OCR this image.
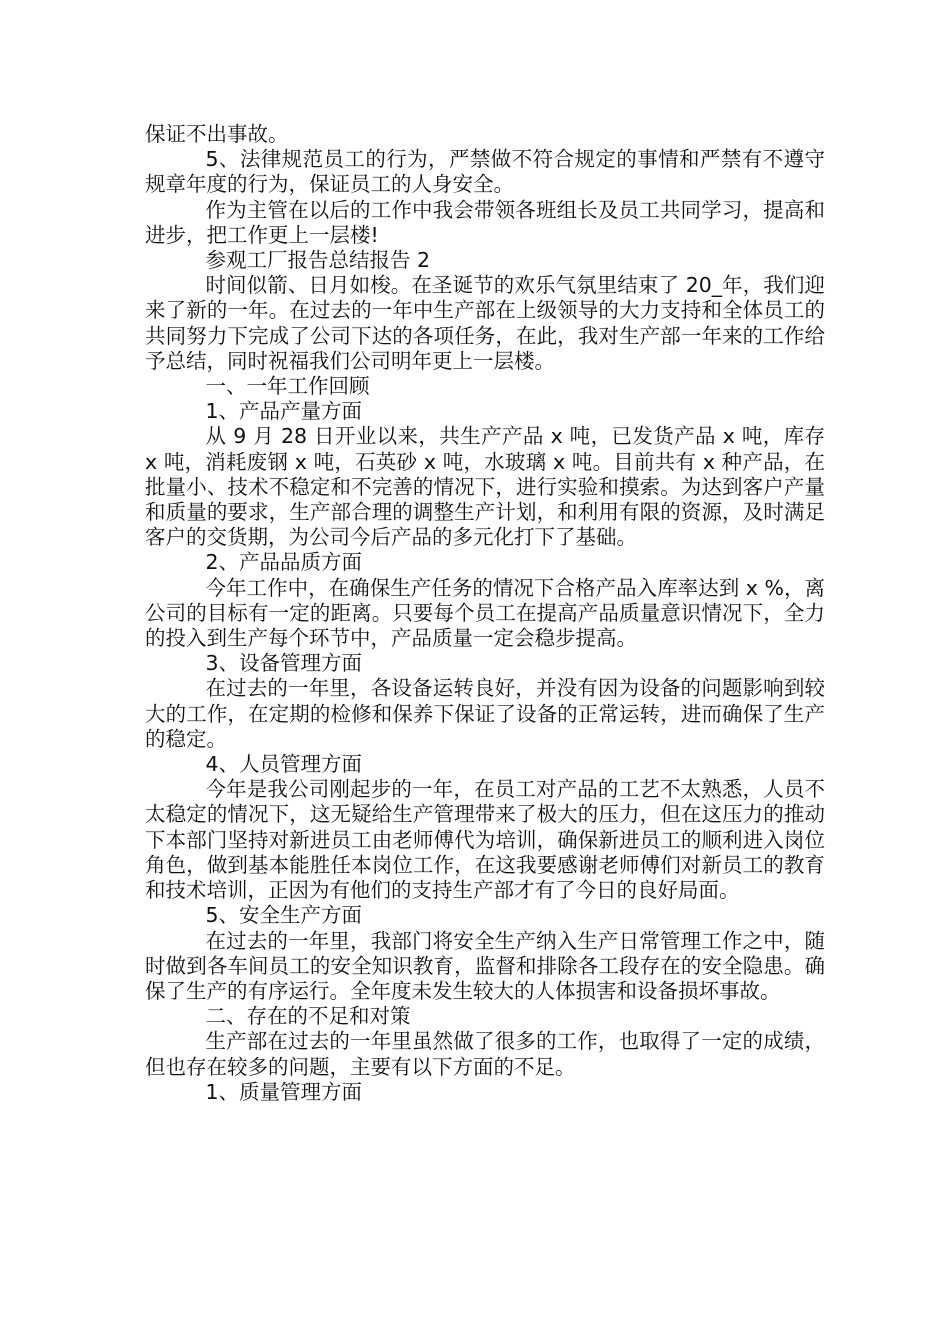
保证不出事故。

5、法律规范员工的行为，严禁做不符合规定的事情和严禁有不遵守规章年度的行为，保证员工的人身安全。

作为主管在以后的工作中我会带领各班组长及员工共同学习，提高和进步，把工作更上一层楼!

参观工厂报告总结报告 2

时间似箭、日月如梭。在圣诞节的欢乐气氛里结束了 20_年，我们迎来了新的一年。在过去的一年中生产部在上级领导的大力支持和全体员工的共同努力下完成了公司下达的各项任务，在此，我对生产部一年来的工作给予总结，同时祝福我们公司明年更上一层楼。

一、一年工作回顾

1、产品产量方面

从 9 月 28 日开业以来，共生产产品 x 吨，已发货产品 x 吨，库存 x 吨，消耗废钢 x 吨，石英砂 x 吨，水玻璃 x 吨。目前共有 x 种产品，在批量小、技术不稳定和不完善的情况下，进行实验和摸索。为达到客户产量和质量的要求，生产部合理的调整生产计划，和利用有限的资源，及时满足客户的交货期，为公司今后产品的多元化打下了基础。

2、产品品质方面

今年工作中，在确保生产任务的情况下合格产品入库率达到 x %，离公司的目标有一定的距离。只要每个员工在提高产品质量意识情况下，全力的投入到生产每个环节中，产品质量一定会稳步提高。

3、设备管理方面

在过去的一年里，各设备运转良好，并没有因为设备的问题影响到较大的工作，在定期的检修和保养下保证了设备的正常运转，进而确保了生产的稳定。

4、人员管理方面

今年是我公司刚起步的一年，在员工对产品的工艺不太熟悉，人员不太稳定的情况下，这无疑给生产管理带来了极大的压力，但在这压力的推动下本部门坚持对新进员工由老师傅代为培训，确保新进员工的顺利进入岗位角色，做到基本能胜任本岗位工作，在这我要感谢老师傅们对新员工的教育和技术培训，正因为有他们的支持生产部才有了今日的良好局面。

5、安全生产方面

在过去的一年里，我部门将安全生产纳入生产日常管理工作之中，随时做到各车间员工的安全知识教育，监督和排除各工段存在的安全隐患。确保了生产的有序运行。全年度未发生较大的人体损害和设备损坏事故。

二、存在的不足和对策

生产部在过去的一年里虽然做了很多的工作，也取得了一定的成绩，但也存在较多的问题，主要有以下方面的不足。

1、质量管理方面
